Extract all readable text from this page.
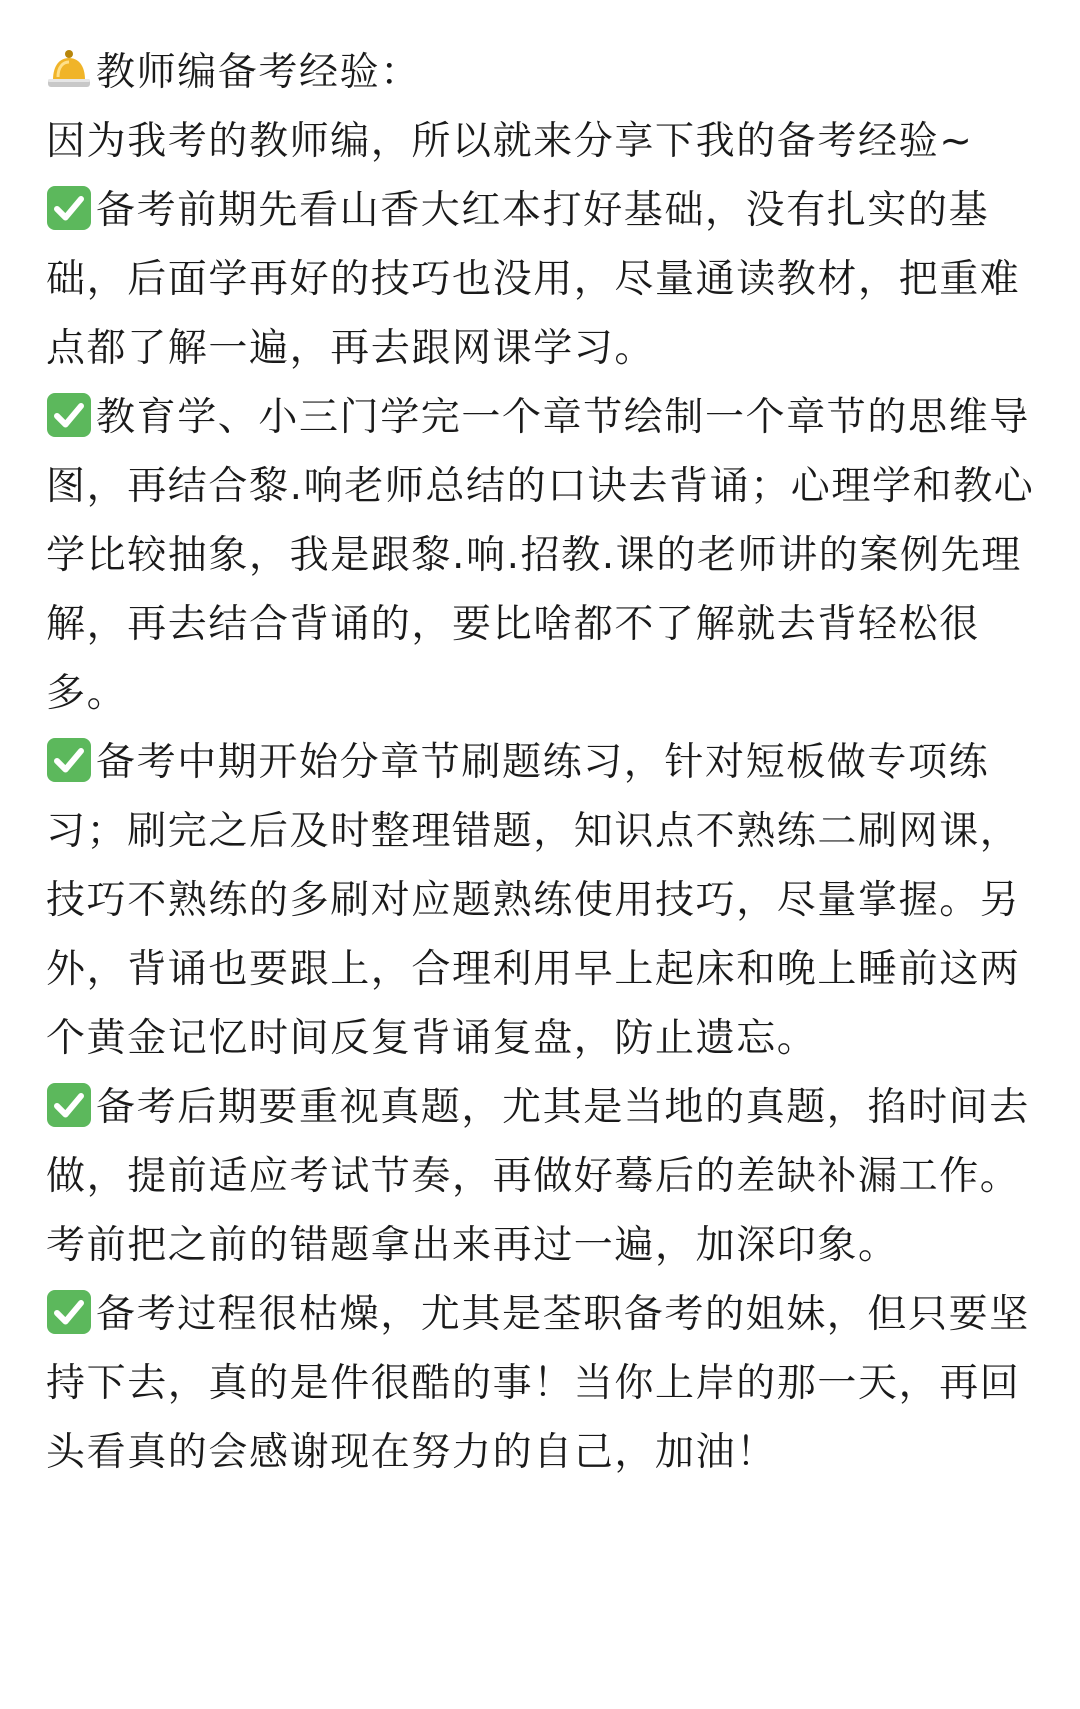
教师编备考经验：

因为我考的教师编，所以就来分享下我的备考经验~

备考前期先看山香大红本打好基础，没有扎实的基础，后面学再好的技巧也没用，尽量通读教材，把重难点都了解一遍，再去跟网课学习。

教育学、小三门学完一个章节绘制一个章节的思维导图，再结合黎.响老师总结的口诀去背诵；心理学和教心学比较抽象，我是跟黎.响.招教.课的老师讲的案例先理解，再去结合背诵的，要比啥都不了解就去背轻松很多。

备考中期开始分章节刷题练习，针对短板做专项练习；刷完之后及时整理错题，知识点不熟练二刷网课，技巧不熟练的多刷对应题熟练使用技巧，尽量掌握。另外，背诵也要跟上，合理利用早上起床和晚上睡前这两个黄金记忆时间反复背诵复盘，防止遗忘。

备考后期要重视真题，尤其是当地的真题，掐时间去做，提前适应考试节奏，再做好蓦后的差缺补漏工作。考前把之前的错题拿出来再过一遍，加深印象。

备考过程很枯燥，尤其是荃职备考的姐妹，但只要坚持下去，真的是件很酷的事！当你上岸的那一天，再回头看真的会感谢现在努力的自己，加油！
